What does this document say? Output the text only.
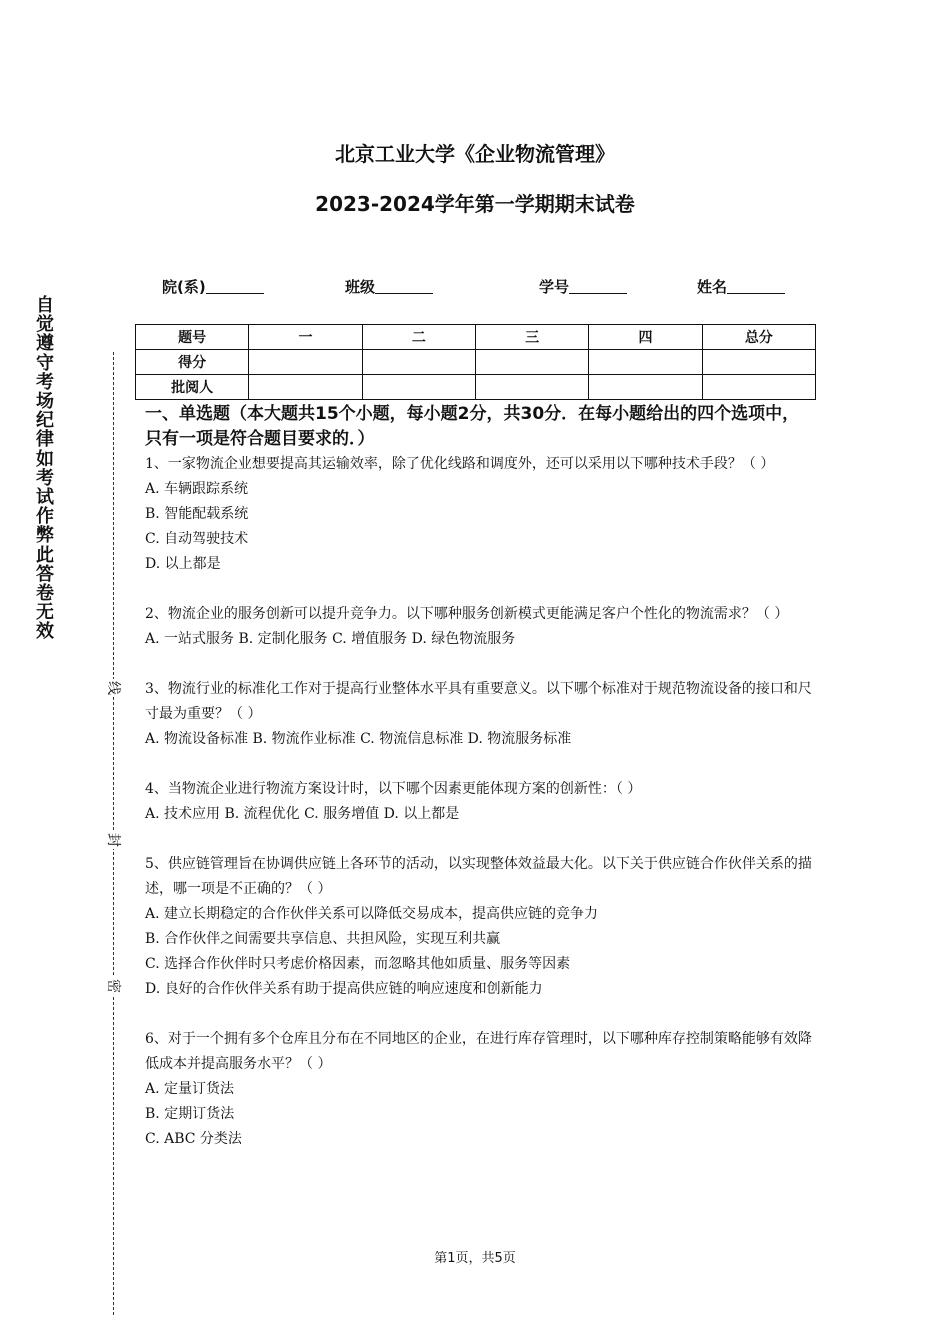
北京工业大学《企业物流管理》
2023-2024学年第一学期期末试卷
院(系)	班级	学号	姓名
题号	一	二	三	四	总分
得分					
批阅人					
自觉遵守考场纪律如考试作弊此答卷无效
线
封
密
一、单选题（本大题共15个小题，每小题2分，共30分．在每小题给出的四个选项中，只有一项是符合题目要求的．）
1、一家物流企业想要提高其运输效率，除了优化线路和调度外，还可以采用以下哪种技术手段？（ ）
A. 车辆跟踪系统
B. 智能配载系统
C. 自动驾驶技术
D. 以上都是
2、物流企业的服务创新可以提升竞争力。以下哪种服务创新模式更能满足客户个性化的物流需求？（ ）
A. 一站式服务 B. 定制化服务 C. 增值服务 D. 绿色物流服务
3、物流行业的标准化工作对于提高行业整体水平具有重要意义。以下哪个标准对于规范物流设备的接口和尺寸最为重要？（ ）
A. 物流设备标准 B. 物流作业标准 C. 物流信息标准 D. 物流服务标准
4、当物流企业进行物流方案设计时，以下哪个因素更能体现方案的创新性：（ ）
A. 技术应用 B. 流程优化 C. 服务增值 D. 以上都是
5、供应链管理旨在协调供应链上各环节的活动，以实现整体效益最大化。以下关于供应链合作伙伴关系的描述，哪一项是不正确的？（ ）
A. 建立长期稳定的合作伙伴关系可以降低交易成本，提高供应链的竞争力
B. 合作伙伴之间需要共享信息、共担风险，实现互利共赢
C. 选择合作伙伴时只考虑价格因素，而忽略其他如质量、服务等因素
D. 良好的合作伙伴关系有助于提高供应链的响应速度和创新能力
6、对于一个拥有多个仓库且分布在不同地区的企业，在进行库存管理时，以下哪种库存控制策略能够有效降低成本并提高服务水平？（ ）
A. 定量订货法
B. 定期订货法
C. ABC 分类法
第1页，共5页
